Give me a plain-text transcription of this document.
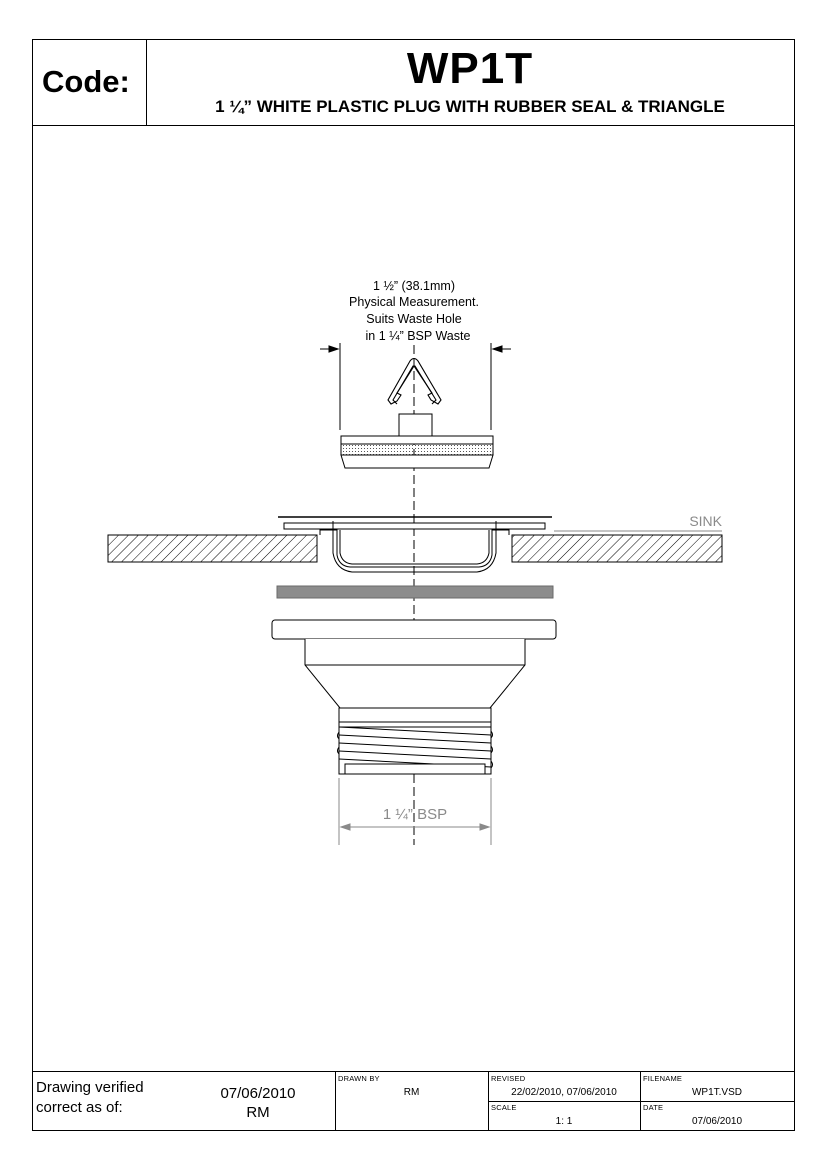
Code:	WP1T
1 ¼” WHITE PLASTIC PLUG WITH RUBBER SEAL & TRIANGLE
1 ½” (38.1mm)
Physical Measurement.
Suits Waste Hole
in 1 ¼” BSP Waste
SINK
1 ¼” BSP
Drawing verified
correct as of:
07/06/2010
RM
DRAWN BY
RM
REVISED
22/02/2010, 07/06/2010
SCALE
1: 1
FILENAME
WP1T.VSD
DATE
07/06/2010
